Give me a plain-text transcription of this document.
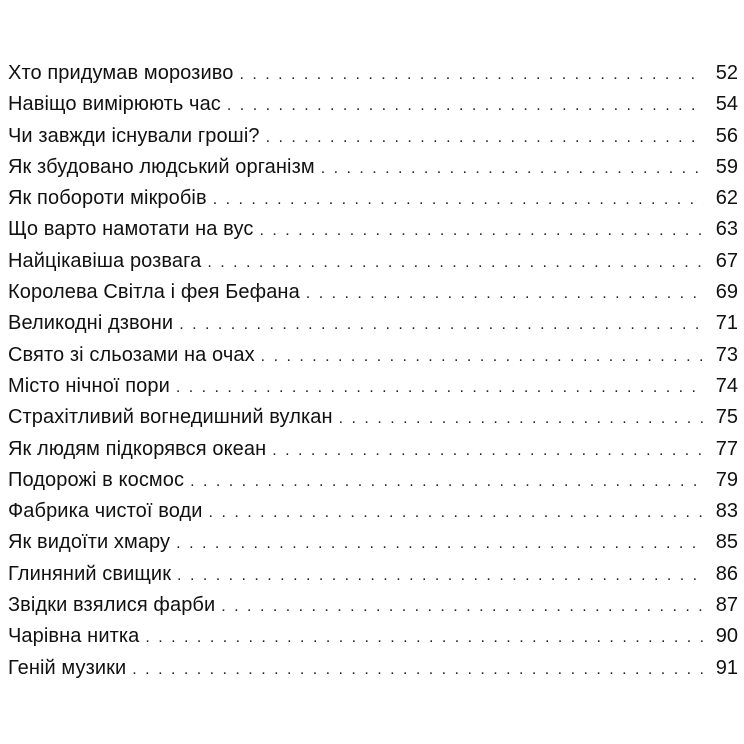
Хто придумав морозиво . . .	52
Навіщо вимірюють час . . .	54
Чи завжди існували гроші? . . .	56
Як збудовано людський організм . . .	59
Як побороти мікробів . . .	62
Що варто намотати на вус . . .	63
Найцікавіша розвага . . .	67
Королева Світла і фея Бефана . . .	69
Великодні дзвони . . .	71
Свято зі сльозами на очах . . .	73
Місто нічної пори . . .	74
Страхітливий вогнедишний вулкан . . .	75
Як людям підкорявся океан . . .	77
Подорожі в космос . . .	79
Фабрика чистої води . . .	83
Як видоїти хмару . . .	85
Глиняний свищик . . .	86
Звідки взялися фарби . . .	87
Чарівна нитка . . .	90
Геній музики . . .	91
